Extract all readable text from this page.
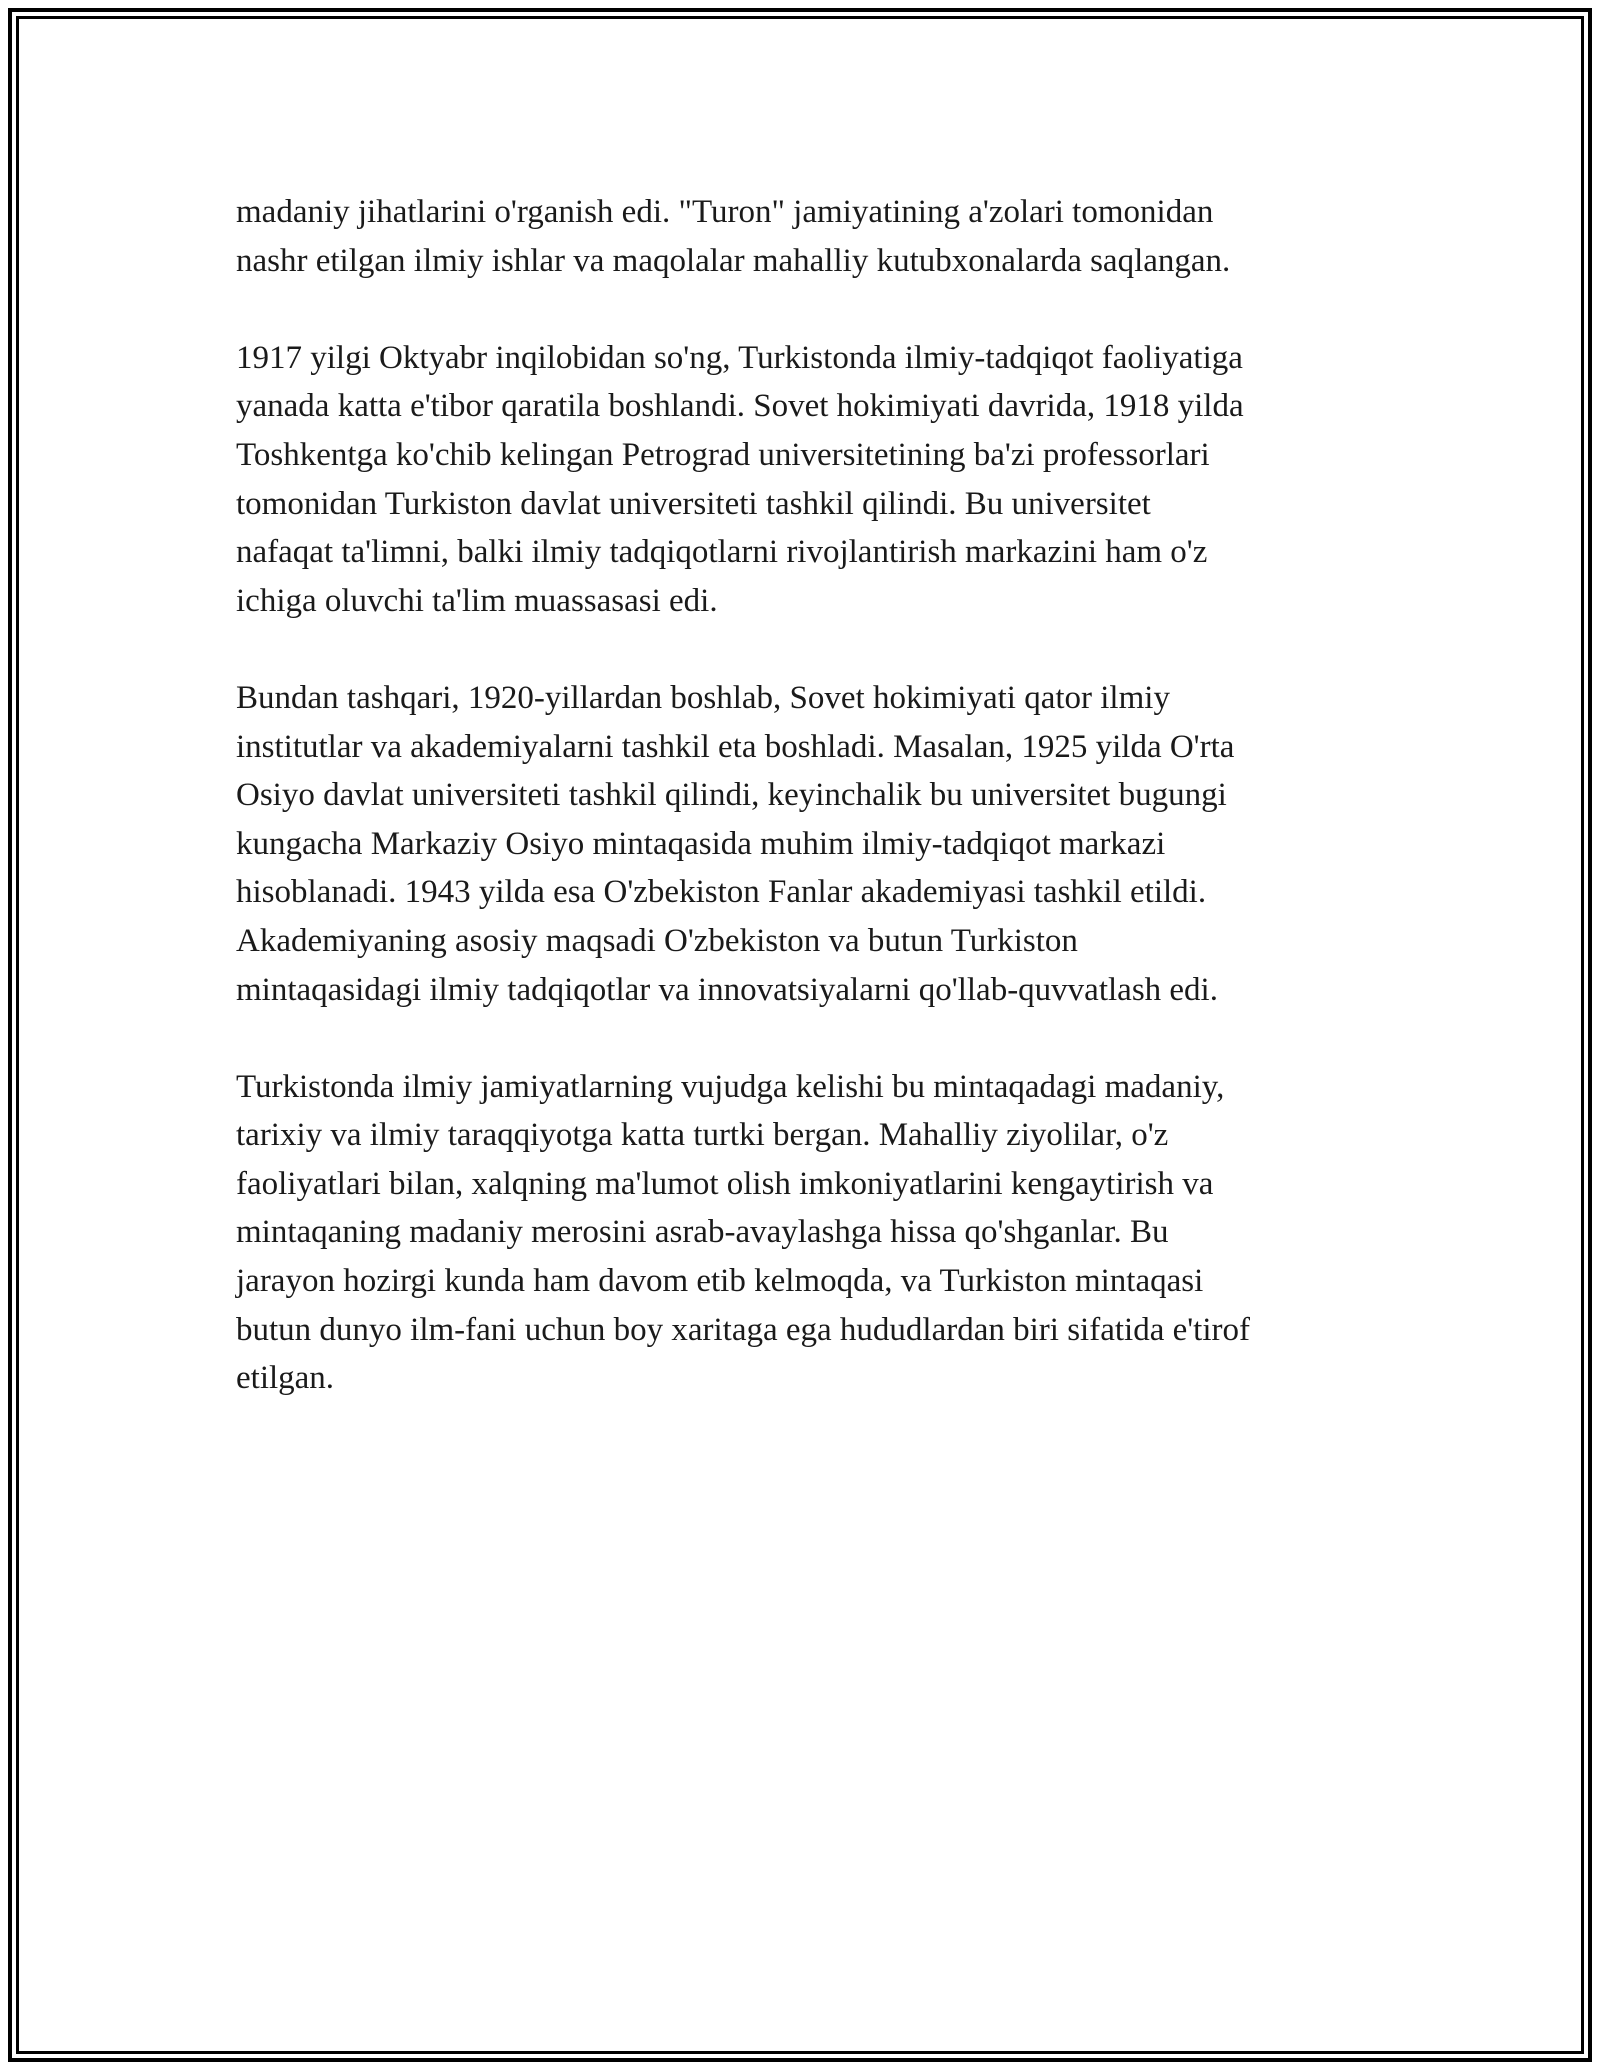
madaniy jihatlarini o'rganish edi. "Turon" jamiyatining a'zolari tomonidan
nashr etilgan ilmiy ishlar va maqolalar mahalliy kutubxonalarda saqlangan.

1917 yilgi Oktyabr inqilobidan so'ng, Turkistonda ilmiy-tadqiqot faoliyatiga
yanada katta e'tibor qaratila boshlandi. Sovet hokimiyati davrida, 1918 yilda
Toshkentga ko'chib kelingan Petrograd universitetining ba'zi professorlari
tomonidan Turkiston davlat universiteti tashkil qilindi. Bu universitet
nafaqat ta'limni, balki ilmiy tadqiqotlarni rivojlantirish markazini ham o'z
ichiga oluvchi ta'lim muassasasi edi.

Bundan tashqari, 1920-yillardan boshlab, Sovet hokimiyati qator ilmiy
institutlar va akademiyalarni tashkil eta boshladi. Masalan, 1925 yilda O'rta
Osiyo davlat universiteti tashkil qilindi, keyinchalik bu universitet bugungi
kungacha Markaziy Osiyo mintaqasida muhim ilmiy-tadqiqot markazi
hisoblanadi. 1943 yilda esa O'zbekiston Fanlar akademiyasi tashkil etildi.
Akademiyaning asosiy maqsadi O'zbekiston va butun Turkiston
mintaqasidagi ilmiy tadqiqotlar va innovatsiyalarni qo'llab-quvvatlash edi.

Turkistonda ilmiy jamiyatlarning vujudga kelishi bu mintaqadagi madaniy,
tarixiy va ilmiy taraqqiyotga katta turtki bergan. Mahalliy ziyolilar, o'z
faoliyatlari bilan, xalqning ma'lumot olish imkoniyatlarini kengaytirish va
mintaqaning madaniy merosini asrab-avaylashga hissa qo'shganlar. Bu
jarayon hozirgi kunda ham davom etib kelmoqda, va Turkiston mintaqasi
butun dunyo ilm-fani uchun boy xaritaga ega hududlardan biri sifatida e'tirof
etilgan.
